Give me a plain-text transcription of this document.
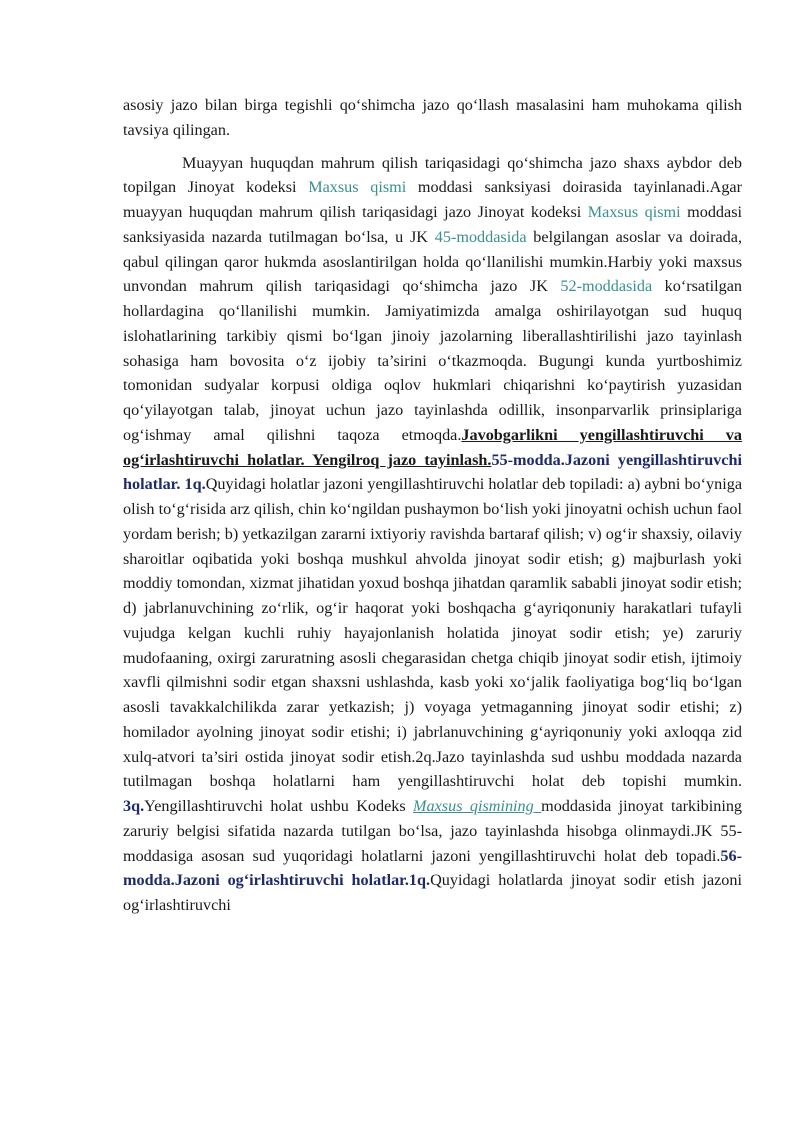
asosiy jazo bilan birga tegishli qo‘shimcha jazo qo‘llash masalasini ham muhokama qilish tavsiya qilingan.

Muayyan huquqdan mahrum qilish tariqasidagi qo‘shimcha jazo shaxs aybdor deb topilgan Jinoyat kodeksi Maxsus qismi moddasi sanksiyasi doirasida tayinlanadi.Agar muayyan huquqdan mahrum qilish tariqasidagi jazo Jinoyat kodeksi Maxsus qismi moddasi sanksiyasida nazarda tutilmagan bo‘lsa, u JK 45-moddasida belgilangan asoslar va doirada, qabul qilingan qaror hukmda asoslantirilgan holda qo‘llanilishi mumkin.Harbiy yoki maxsus unvondan mahrum qilish tariqasidagi qo‘shimcha jazo JK 52-moddasida ko‘rsatilgan hollardagina qo‘llanilishi mumkin. Jamiyatimizda amalga oshirilayotgan sud huquq islohatlarining tarkibiy qismi bo‘lgan jinoiy jazolarning liberallashtirilishi jazo tayinlash sohasiga ham bovosita o‘z ijobiy ta’sirini o‘tkazmoqda. Bugungi kunda yurtboshimiz tomonidan sudyalar korpusi oldiga oqlov hukmlari chiqarishni ko‘paytirish yuzasidan qo‘yilayotgan talab, jinoyat uchun jazo tayinlashda odillik, insonparvarlik prinsiplariga og‘ishmay amal qilishni taqoza etmoqda.Javobgarlikni yengillashtiruvchi va og‘irlashtiruvchi holatlar. Yengilroq jazo tayinlash.55-modda.Jazoni yengillashtiruvchi holatlar. 1q.Quyidagi holatlar jazoni yengillashtiruvchi holatlar deb topiladi: a) aybni bo‘yniga olish to‘g‘risida arz qilish, chin ko‘ngildan pushaymon bo‘lish yoki jinoyatni ochish uchun faol yordam berish; b) yetkazilgan zararni ixtiyoriy ravishda bartaraf qilish; v) og‘ir shaxsiy, oilaviy sharoitlar oqibatida yoki boshqa mushkul ahvolda jinoyat sodir etish; g) majburlash yoki moddiy tomondan, xizmat jihatidan yoxud boshqa jihatdan qaramlik sababli jinoyat sodir etish; d) jabrlanuvchining zo‘rlik, og‘ir haqorat yoki boshqacha g‘ayriqonuniy harakatlari tufayli vujudga kelgan kuchli ruhiy hayajonlanish holatida jinoyat sodir etish; ye) zaruriy mudofaaning, oxirgi zaruratning asosli chegarasidan chetga chiqib jinoyat sodir etish, ijtimoiy xavfli qilmishni sodir etgan shaxsni ushlashda, kasb yoki xo‘jalik faoliyatiga bog‘liq bo‘lgan asosli tavakkalchilikda zarar yetkazish; j) voyaga yetmaganning jinoyat sodir etishi; z) homilador ayolning jinoyat sodir etishi; i) jabrlanuvchining g‘ayriqonuniy yoki axloqqa zid xulq-atvori ta’siri ostida jinoyat sodir etish.2q.Jazo tayinlashda sud ushbu moddada nazarda tutilmagan boshqa holatlarni ham yengillashtiruvchi holat deb topishi mumkin. 3q.Yengillashtiruvchi holat ushbu Kodeks Maxsus qismining moddasida jinoyat tarkibining zaruriy belgisi sifatida nazarda tutilgan bo‘lsa, jazo tayinlashda hisobga olinmaydi.JK 55-moddasiga asosan sud yuqoridagi holatlarni jazoni yengillashtiruvchi holat deb topadi.56-modda.Jazoni og‘irlashtiruvchi holatlar.1q.Quyidagi holatlarda jinoyat sodir etish jazoni og‘irlashtiruvchi
